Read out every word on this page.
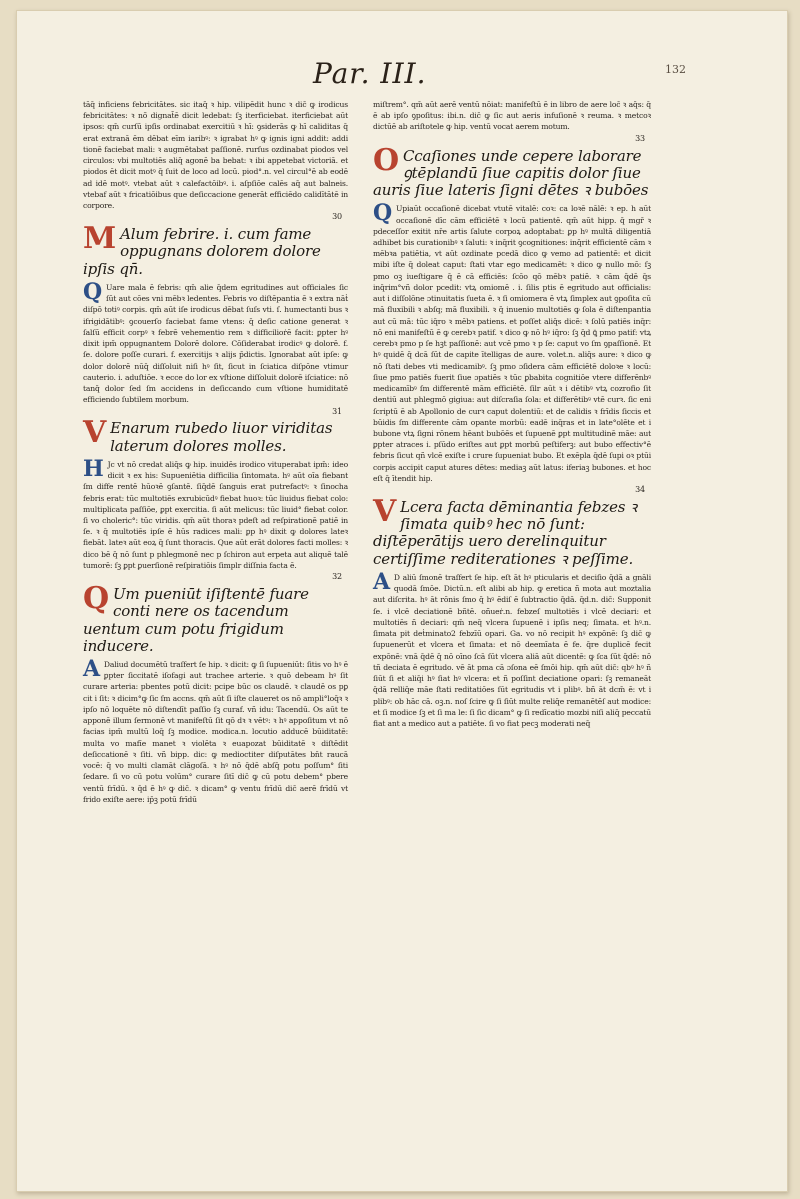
Par. III.	132

tāq̄ inficiens febricitātes. sic itaq̄ ꝛ hip. vilipēdit hunc ꝛ dic̄ ꝙ irodicus febricitātes: ꝛ nō̄ dignat̄ē dicit ledebat: ſꝫ iterficiebat. iterficiebat aūt ipsos: qm̄ curſū ipſis ordinabat exercitiū ꝛ hī: ꝯsiderās ꝙ hī caliditas q̄ erat extranā ēm dēbat eīm iaribꝰ: ꝛ igrabat hꝰ ꝙ ignis igni addit: addi tionē faciebat mali: ꝛ augmētabat paſſionē. rurſus ozdinabat piodos vel circulos: vbi multotiēs aliq̄ agonē ba bebat: ꝛ ibi appetebat victoriā. et piodos ēt dicit motꝰ q̄ ſuit de loco ad locū. piod°.n. vel circul°ē ab eodē ad idē motꝰ. vtebat aūt ꝛ calefactōibꝰ. i. aſpſiōe calēs aq̄ aut balneis. vtebaf aūt ꝛ fricatiōibus que deſiccacione generāt efficiēdo calidītātē in corpore.

30
M Alum febrire. i. cum fame oppugnans dolorem dolore ipſis qn̄.
Q Uare mala ē febris: qm̄ alie q̄dem egritudines aut officiales ſic ſūt aut cōes vni mēbꝛ ledentes. Febris vo diſtēpantia ē ꝛ extra nāṫ diſpō totiꝰ corpis. qm̄ aūt iſe irodicus dēbat ſuſs vti. ſ. humectanti bus ꝛ ifrigidātibꝰ: ꝯcouerſo faciebat fame vtens: q̄ deſic catione generat ꝛ ſalſū efficit corpꝰ ꝛ febrē vehementio rem ꝛ difficilioṙē facit: ꝑpter hꝰ dixit ipm̄ oppugnantem Dolorē dolore. Cōſiderabat irodicꝰ ꝙ dolorē. f. ſe. dolore poſſe curari. f. exercitijs ꝛ alijs p̄dictis. Ignorabat aūt ipſe: ꝙ dolor dolorē nūq̄ diſſoluit niſi hꝰ ſit, ſicut in ſciatica diſpōne vtimur cauterio. i. aduſtiōe. ꝛ ecce do lor ex vſtione diſſoluit dolorē iſciatice: nō tanq̄ dolor ſed ſm accidens in deſiccando cum vſtione humiditatē efficiendo ſubtilem morbum.

31
V Enarum rubedo liuor viriditas laterum dolores molles.
H Jc vt nō credat aliq̄s ꝙ hip. inuidēs irodico vituperabat ipm̄: ideo dicit ꝛ ex his: Supueniētia difficilia ſintomata. hꝰ aūt oīa fiebant ſm diffe rentē hūoꝛē ꝯſantē. ſiq̄dē ſanguis erat putrefactꝰ: ꝛ ſinocha febris erat: tūc multotiēs exrubicūdꝰ fiebat huoꝛ: tūc liuidus fiebat colo: multiplicata paſſiōe, ꝑpt exercitia. ſi aūt melicus: tūc liuid° fiebat color. ſi vo choleric°: tūc viridis. qm̄ aūt thoraꝛ pdeſt ad reſpirationē patiē in ſe. ꝛ q̄ multotiēs ipſe ē hūs radices mali: ꝑp hꝰ dixit ꝙ dolores lateꝛ fiebāt. lateꝛ aūt eoꝝ q̄ ſunt thoracis. Que aūt erāt dolores facti molles: ꝛ dico bē q̄ nō ſunt p phlegmonē nec p ſchiron aut erpeta aut aliquē talē tumorē: ſꝫ ꝑpt ꝑuerſionē reſpiratiōis ſimplr diſſnia facta ē.

32
Q Um pueniūt iſiſtentē fuare conti nere os tacendum uentum cum potu frigidum inducere.
A Daliud documētū traſfert ſe hip. ꝛ dicit: ꝙ ſi ſupueniūt: ſitis vo hꝰ ē ꝑpter ſiccitatē iſofagi aut trachee arterie. ꝛ quō debeam hꝰ ſit curare arteria: pbentes potū dicit: pcipe būc os claudē. ꝛ claudē os pꝑ cit i ſit: ꝛ dicim°ꝙ ſic ſm accns. qm̄ aūt ſi iſte claueret os nō ampli°loq̄ꝛ ꝛ ipſo nō loquēte nō diſtendīt paſſio ſꝫ curaf. vñ idu: Tacendū. Os aūt te apponē illum ſermonē vt manifeſtū ſit qō dꝛ ꝛ vētꝰ: ꝛ hꝰ appoſitum vt nō facias ipm̄ multū loq̄ ſꝫ modice. modica.n. locutio adducē būiditatē: multa vo mafīe manet ꝛ violēta ꝛ euapozat būiditatē ꝛ diſtēdit deſiccationē ꝛ ſiti. vñ bipp. dic: ꝙ medioctiter diſputātes bn̄t raucā vocē: q̄ vo multi clamāt clāgoſā. ꝛ hꝰ nō q̄dē abſq̄ potu poſſum° ſiti ſedare. ſi vo cū potu volūm° curare ſitī dic̄ ꝙ cū potu debem° pbere ventū frīdū. ꝛ q̄d ē hꝰ ꝙ dic̄. ꝛ dicam° ꝙ ventu frīdū dic̄ aerē frīdū vt frido exiſte aere: ip̄ꝫ potū frīdū

miſtrem°. qm̄ aūt aerē ventū nōiat: manifeſtū ē in libro de aere loc̄ ꝛ aq̄s: q̄ ē ab ipſo ꝯpoſitus: ibi.n. dic̄ ꝙ ſic aut aeris infuſionē ꝛ reuma. ꝛ metcoꝛ dictūē ab ariſtotele ꝙ hip. ventū vocat aerem motum.

33
O Ccaſiones unde cepere laborare ꝯtēplandū ſiue capitis dolor ſiue auris ſiue lateris ſigni dētes ꝛ bubōes
Q Upiaūt occaſionē dicebat vtutē vitalē: coꝛ: ca loꝛē nālē: ꝛ ep. h aūt occaſionē dīc cām efficiētē ꝛ locū patientē. qm̄ aūt hipp. q̄ mgr̄ ꝛ pdeceſſor exitit nr̄e artis ſalute corpoꝝ adoptabat: ꝑp hꝰ multā diligentiā adhibet bis curationibꝰ ꝛ ſaluti: ꝛ inq̄rit ꝯcognitiones: inq̄rit efficientē cām ꝛ mēbꝛa patiētia, vt aūt ozdinate pcedā dico ꝙ vemo ad patientē: et dicit mibi iſte q̄ doleat caput: ſtati vtar ego medicamēt: ꝛ dico ꝙ nullo mō: ſꝫ pmo oꝫ iueſtigare q̄ ē cā efficiēs: ſcōo qō mēbꝛ patiē. ꝛ cām q̄dē q̄s inq̄rim°vñ dolor pcedit: vtꝝ omiomē . i. ſilis ptis ē egritudo aut officialis: aut i diſſolōne ɔtinuitatis ſueta ē. ꝛ ſi omiomera ē vtꝝ ſimplex aut ꝯpoſita cū mā fluxibili ꝛ abſq; mā fluxibili. ꝛ q̄ inuenio multotiēs ꝙ ſola ē diſtenpantia aut cū mā: tūc iq̄ro ꝛ mēbꝛ patiens. et poſſet aliq̄s dicē: ꝛ ſolū patiēs inq̄r: nō eni manifeſtū ē ꝙ cerebꝛ patif. ꝛ dico ꝙ nō hꝰ iq̄ro: ſꝫ q̄d ꝗ̄ pmo patif: vtꝝ cerebꝛ pmo p ſe hꝫt paſſionē: aut vcē pmo ꝛ p ſe: caput vo ſm ꝯpaſſionē. Et hꝰ quidē q̄ dcā ſūt de capite ītelligas de aure. volet.n. aliq̄s aure: ꝛ dico ꝙ nō ſtati debes vti medicamibꝰ. ſꝫ pmo ɔſidera cām efficiētē doloꝛe ꝛ locū: ſiue pmo patiēs fuerit ſiue ɔpatiēs ꝛ tūc ꝑbabita cognitiōe vtere differēnbꝰ medicamībꝰ ſm differentē mām efficiētē. ſilr aūt ꝛ i dētibꝰ vtꝝ cozrofio ſit dentiū aut phlegmō gigiua: aut diſcraſia ſola: et diſferētibꝰ vtē curꝛ. ſic eni ſcriptū ē ab Apollonio de curꝛ caput dolentiū: et de calidis ꝛ frīdis ſiccis et būidis ſm differente cām opante morbū: eadē inq̄ras et in late°olēte et i bubone vtꝝ ſigni rōnem hēant bubōēs et ſupuenē ꝑpt multitudinē māe: aut ꝑpter atraces i. pſūdo eriſtes aut ꝑpt morbū peſtiferꝫ: aut bubo effectiv°ē febris ſicut qñ vlcē exiſte i crure ſupueniat bubo. Et exēpla q̄dē ſupi oꝛ ptūi corpis accipit caput atures dētes: mediaꝫ aūt latus: iferiaꝫ bubones. et hoc eſt q̄ ītendit hip.

34
V Lcera facta dēminantia febzes ꝛ ſimata quibꝰ hec nō ſunt: diſtēperātijs uero derelinquitur certiſſime rediterationes ꝛ peſſime.
A D aliū ſmonē traſfert ſe hip. eſt āt hꝰ pticularis et deciſio q̄dā a gnāli quodā ſmōe. Dictū.n. eſt alibi ab hip. ꝙ eretica ñ mota aut moztalia aut diſcrita. hꝰ āt rōnis ſmo q̄ hꝰ ēdiſ ē ſubtractio q̄dā. q̄d.n. dic̄: Supponit ſe. i vlcē deciationē bñtē. oñueṙ.n. febzeſ multotiēs i vlcē deciari: et multotiēs ñ deciari: qm̄ neq̄ vlcera ſupuenē i ipſis neq; ſimata. et hꝰ.n. ſimata pit deṫminato2 febzīū opari. Ga. vo nō recipit hꝰ expōnē: ſꝫ dic̄ ꝙ ſupuenerūt et vlcera et ſimata: et nō deemīata ē fe. q̄re duplicē fecit expōnē: vnā q̄dē q̄ nō oīno ſcā ſūt vlcera aliā aūt dicentē: ꝙ ſca ſūt q̄dē: nō tñ deciata ē egritudo. vē āt pma cā ɔſona eē ſmōi hip. qm̄ aūt dic̄: qbꝰ hꝰ ñ ſiūt ſi et aliq̄i hꝰ ſiat hꝰ vlcera: et ñ poſſint deciatione opari: ſꝫ remaneāt q̄dā relliq̄e māe ſtati reditatiōes ſūt egritudis vt i plibꝰ. bñ āt dcm̄ ē: vt i plibꝰ: ob hāc cā. oꝫ.n. noſ ſcire ꝙ ſi ſiūt multe reliq̄e remanētēſ aut modice: et ſi modice ſꝫ et ſi ma le: ſi ſic dicam° ꝙ ſi redīcatio mozbi niſi aliq̄ peccatū fiat ant a medico aut a patiēte. ſi vo fiat pecꝫ moderati neq̄
